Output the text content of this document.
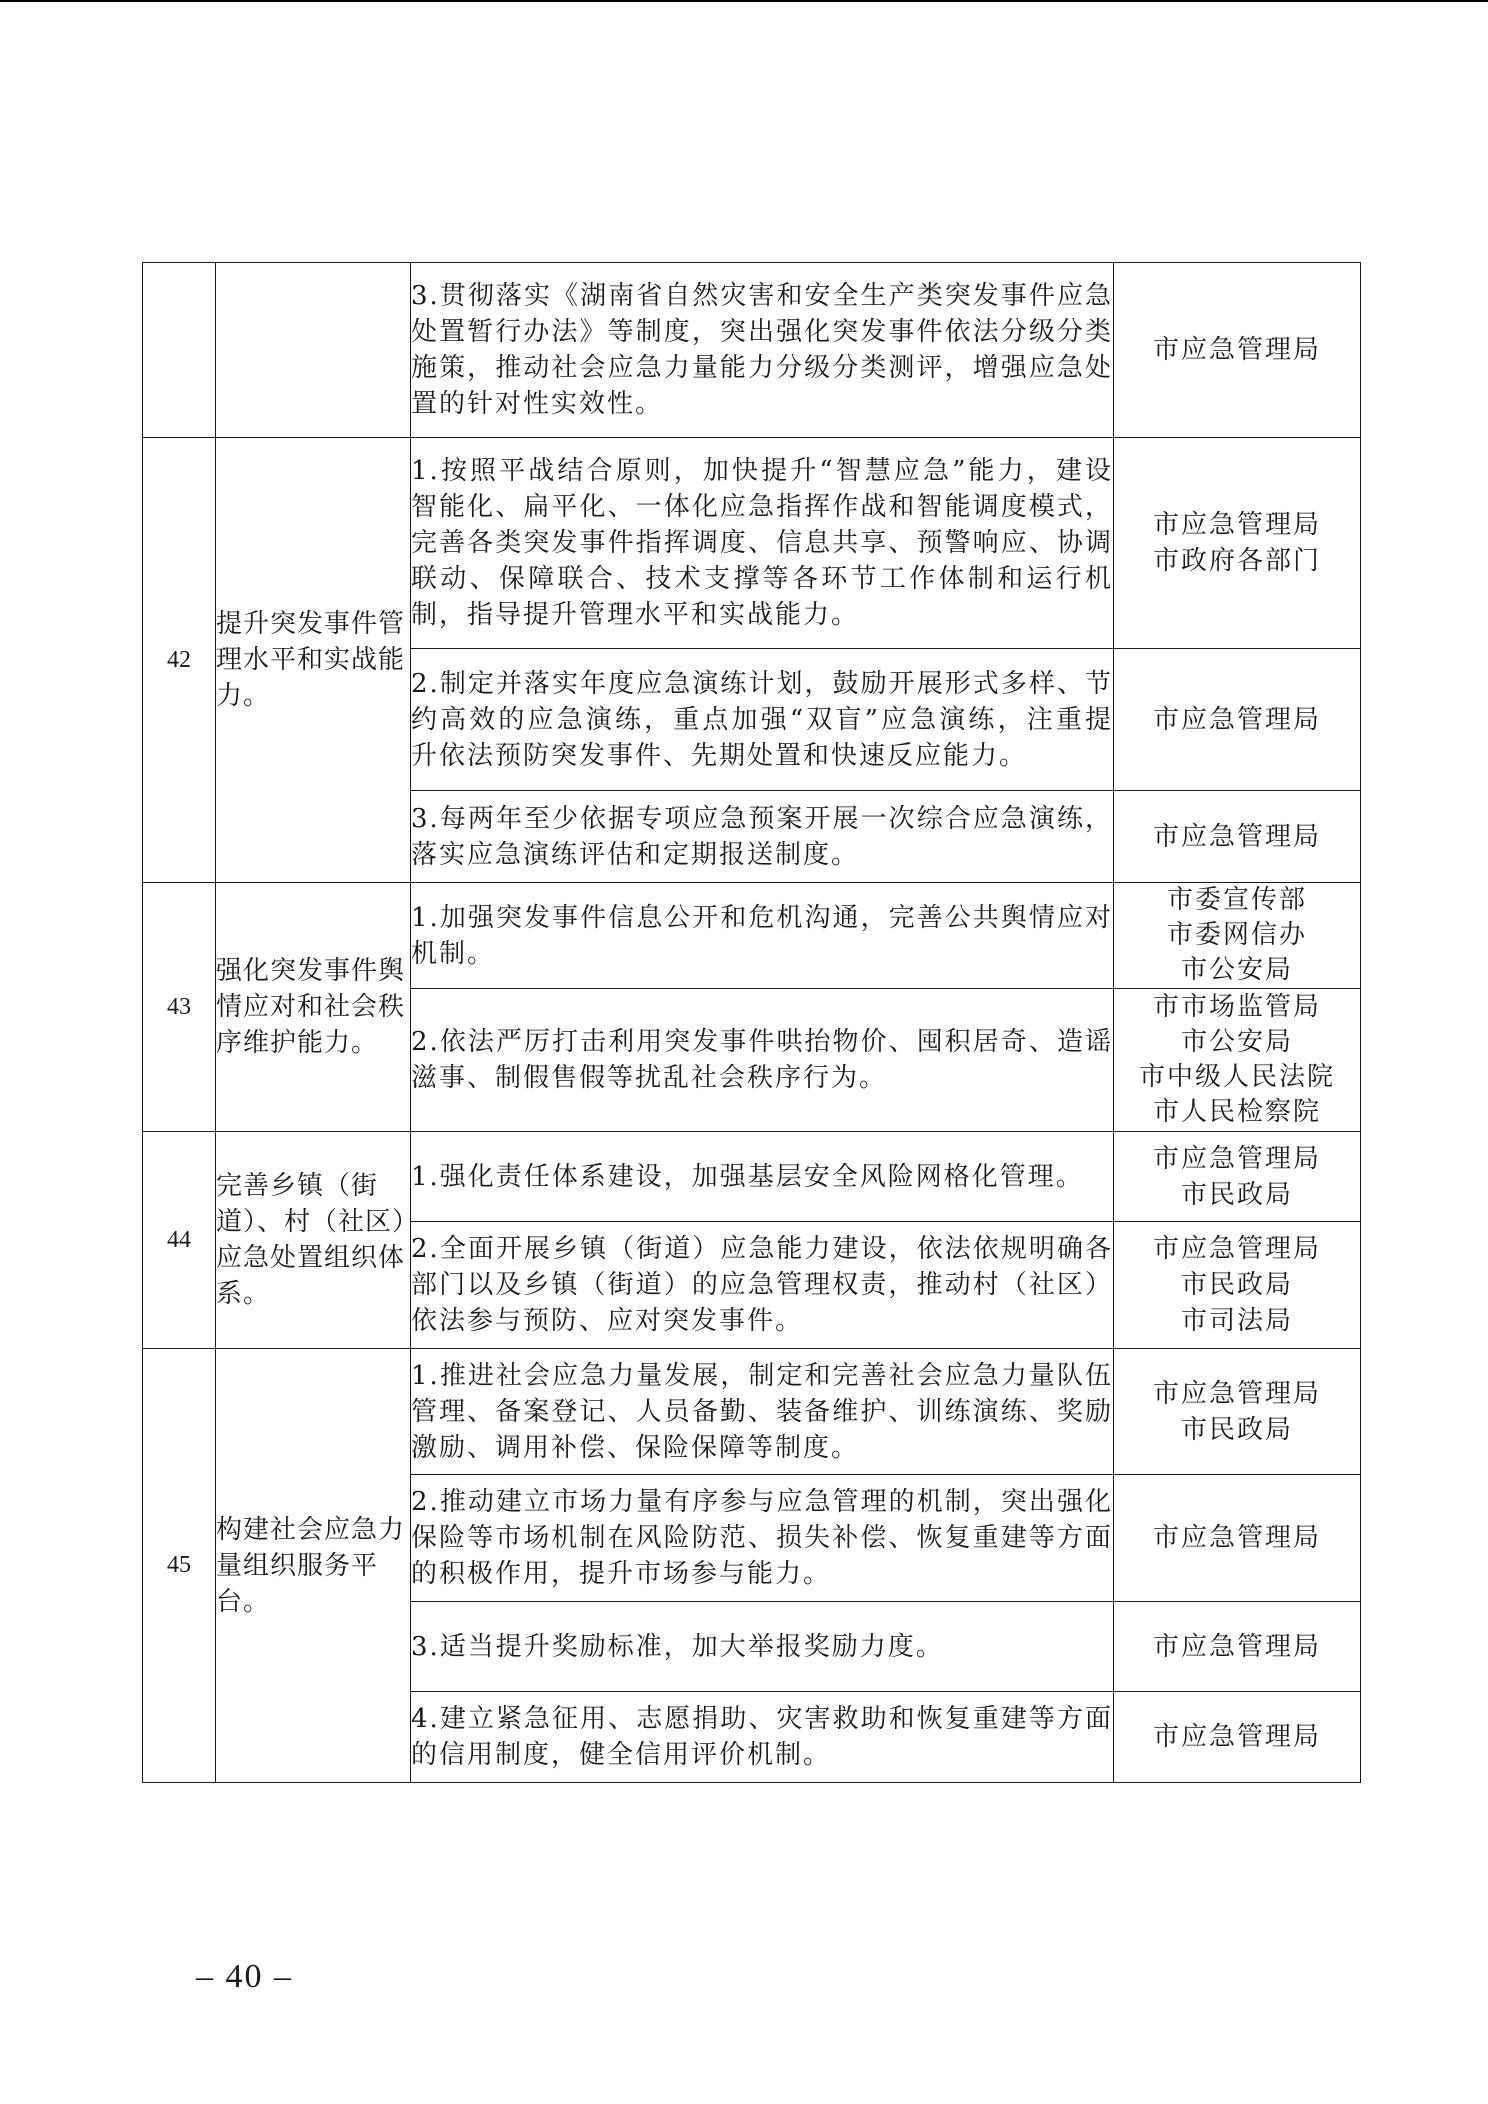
		3.贯彻落实《湖南省自然灾害和安全生产类突发事件应急处置暂行办法》等制度，突出强化突发事件依法分级分类施策，推动社会应急力量能力分级分类测评，增强应急处置的针对性实效性。	市应急管理局

42	提升突发事件管理水平和实战能力。	1.按照平战结合原则，加快提升“智慧应急”能力，建设智能化、扁平化、一体化应急指挥作战和智能调度模式，完善各类突发事件指挥调度、信息共享、预警响应、协调联动、保障联合、技术支撑等各环节工作体制和运行机制，指导提升管理水平和实战能力。	市应急管理局
市政府各部门

		2.制定并落实年度应急演练计划，鼓励开展形式多样、节约高效的应急演练，重点加强“双盲”应急演练，注重提升依法预防突发事件、先期处置和快速反应能力。	市应急管理局

		3.每两年至少依据专项应急预案开展一次综合应急演练，落实应急演练评估和定期报送制度。	市应急管理局

43	强化突发事件舆情应对和社会秩序维护能力。	1.加强突发事件信息公开和危机沟通，完善公共舆情应对机制。	市委宣传部
市委网信办
市公安局

		2.依法严厉打击利用突发事件哄抬物价、囤积居奇、造谣滋事、制假售假等扰乱社会秩序行为。	市市场监管局
市公安局
市中级人民法院
市人民检察院

44	完善乡镇（街道）、村（社区）应急处置组织体系。	1.强化责任体系建设，加强基层安全风险网格化管理。	市应急管理局
市民政局

		2.全面开展乡镇（街道）应急能力建设，依法依规明确各部门以及乡镇（街道）的应急管理权责，推动村（社区）依法参与预防、应对突发事件。	市应急管理局
市民政局
市司法局

45	构建社会应急力量组织服务平台。	1.推进社会应急力量发展，制定和完善社会应急力量队伍管理、备案登记、人员备勤、装备维护、训练演练、奖励激励、调用补偿、保险保障等制度。	市应急管理局
市民政局

		2.推动建立市场力量有序参与应急管理的机制，突出强化保险等市场机制在风险防范、损失补偿、恢复重建等方面的积极作用，提升市场参与能力。	市应急管理局

		3.适当提升奖励标准，加大举报奖励力度。	市应急管理局

		4.建立紧急征用、志愿捐助、灾害救助和恢复重建等方面的信用制度，健全信用评价机制。	市应急管理局
– 40 –
